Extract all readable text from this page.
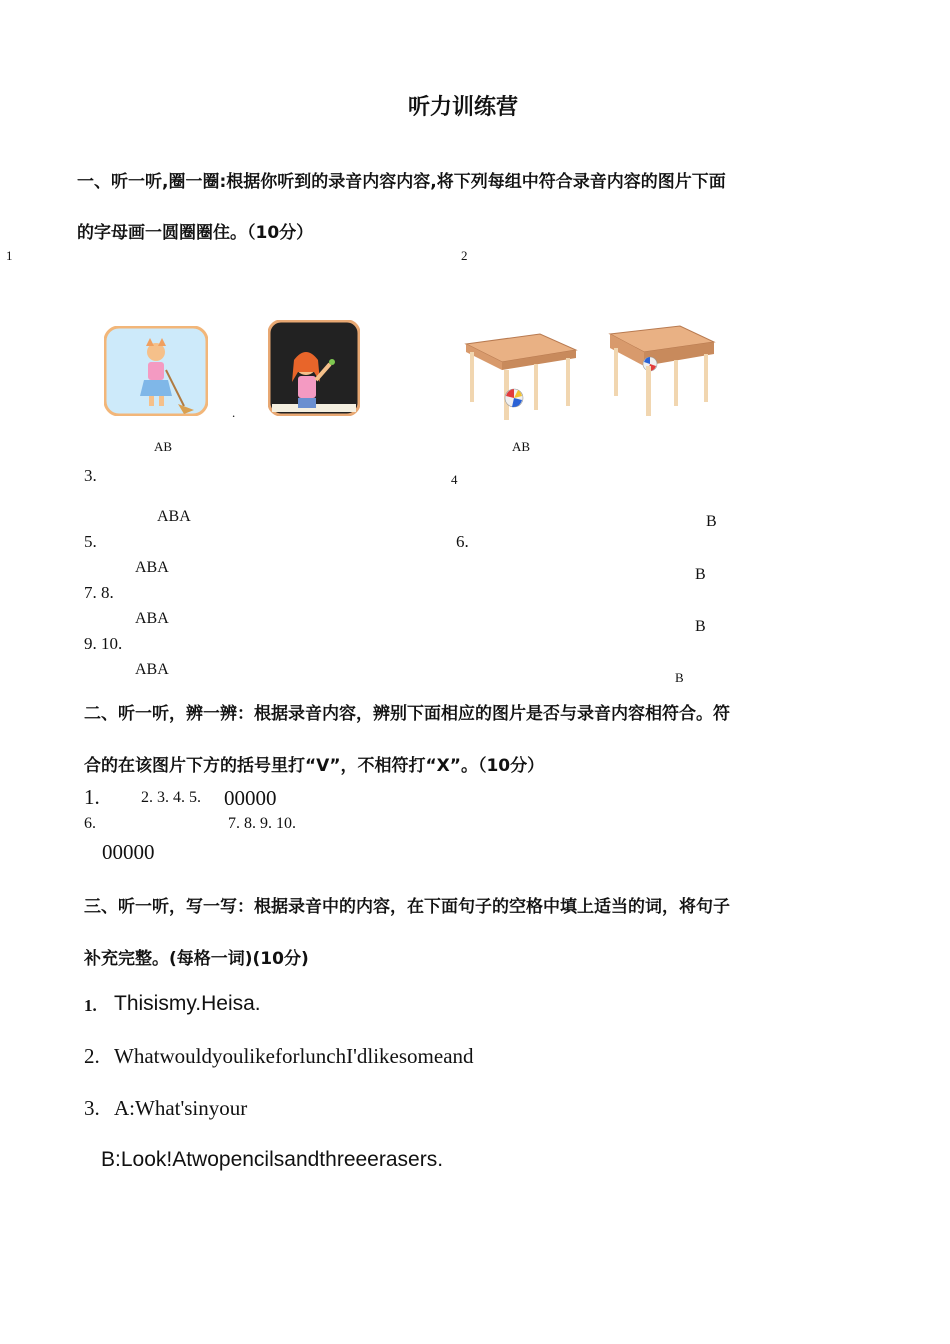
听力训练营
一、听一听,圈一圈:根据你听到的录音内容内容,将下列每组中符合录音内容的图片下面
的字母画一圆圈圈住。（10分）
1	2
.
AB	AB
3.	4
ABA	B
5.	6.
ABA	B
7. 8.
ABA	B
9. 10.
ABA	B
二、听一听，辨一辨：根据录音内容，辨别下面相应的图片是否与录音内容相符合。符
合的在该图片下方的括号里打“V”，不相符打“X”。（10分）
1.	2. 3. 4. 5. 00000
6.	7. 8. 9. 10.
00000
三、听一听，写一写：根据录音中的内容，在下面句子的空格中填上适当的词，将句子
补充完整。(每格一词)(10分)
1. Thisismy.Heisa.
2. WhatwouldyoulikeforlunchI'dlikesomeand
3. A:What'sinyour
B:Look!Atwopencilsandthreeerasers.
